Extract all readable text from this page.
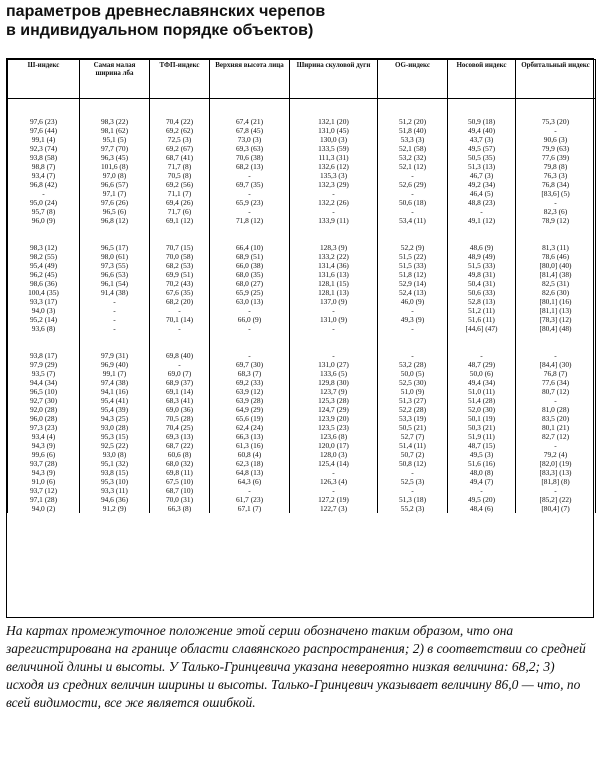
параметров древнеславянских черепов
в индивидуальном порядке объектов)
Ш-индекс	Самая малая ширина лба	ТФП-индекс	Верхняя высота лица	Ширина скуловой дуги	ОG-индекс	Носовой индекс	Орбитальный индекс

97,6 (23)	98,3 (22)	70,4 (22)	67,4 (21)	132,1 (20)	51,2 (20)	50,9 (18)	75,3 (20)
97,6 (44)	98,1 (62)	69,2 (62)	67,8 (45)	131,0 (45)	51,8 (40)	49,4 (40)	-
99,1 (4)	95,1 (5)	72,5 (3)	73,0 (3)	130,0 (3)	53,3 (3)	43,7 (3)	90,6 (3)
92,3 (74)	97,7 (70)	69,2 (67)	69,3 (63)	133,5 (59)	52,1 (58)	49,5 (57)	79,9 (63)
93,8 (58)	96,3 (45)	68,7 (41)	70,6 (38)	111,3 (31)	53,2 (32)	50,5 (35)	77,6 (39)
98,8 (7)	101,6 (8)	71,7 (8)	68,2 (13)	132,6 (12)	52,1 (12)	51,3 (13)	79,8 (8)
93,4 (7)	97,0 (8)	70,5 (8)	-	135,3 (3)	-	46,7 (3)	76,3 (3)
96,8 (42)	96,6 (57)	69,2 (56)	69,7 (35)	132,3 (29)	52,6 (29)	49,2 (34)	76,8 (34)
-	97,1 (7)	71,1 (7)	-	-	-	46,4 (5)	[83,6] (5)
95,0 (24)	97,6 (26)	69,4 (26)	65,9 (23)	132,2 (26)	50,6 (18)	48,8 (23)	-
95,7 (8)	96,5 (6)	71,7 (6)	-	-	-	-	82,3 (6)
96,0 (9)	96,8 (12)	69,1 (12)	71,8 (12)	133,9 (11)	53,4 (11)	49,1 (12)	78,9 (12)

98,3 (12)	96,5 (17)	70,7 (15)	66,4 (10)	128,3 (9)	52,2 (9)	48,6 (9)	81,3 (11)
98,2 (55)	98,0 (61)	70,0 (58)	68,9 (51)	133,2 (22)	51,5 (22)	48,9 (49)	78,6 (46)
95,4 (49)	97,3 (55)	68,2 (53)	66,0 (38)	131,4 (36)	51,5 (33)	51,5 (33)	[80,0] (40)
96,2 (45)	96,6 (53)	69,9 (51)	68,0 (35)	131,6 (13)	51,8 (12)	49,8 (31)	[81,4] (38)
98,6 (36)	96,1 (54)	70,2 (43)	68,0 (27)	128,1 (15)	52,9 (14)	50,4 (31)	82,5 (31)
100,4 (35)	91,4 (38)	67,6 (35)	65,9 (25)	128,1 (13)	52,4 (13)	50,6 (33)	82,6 (30)
93,3 (17)	-	68,2 (20)	63,0 (13)	137,0 (9)	46,0 (9)	52,8 (13)	[80,1] (16)
94,0 (3)	-	-	-	-	-	51,2 (11)	[81,1] (13)
95,2 (14)	-	70,1 (14)	66,0 (9)	131,0 (9)	49,3 (9)	51,6 (11)	[78,3] (12)
93,6 (8)	-	-	-	-	-	[44,6] (47)	[80,4] (48)

93,8 (17)	97,9 (31)	69,8 (40)	-	-	-	-	-
97,9 (29)	96,9 (40)	-	69,7 (30)	131,0 (27)	53,2 (28)	48,7 (29)	[84,4] (30)
93,5 (7)	99,1 (7)	69,0 (7)	68,3 (7)	133,6 (5)	50,0 (5)	50,0 (6)	76,8 (7)
94,4 (34)	97,4 (38)	68,9 (37)	69,2 (33)	129,8 (30)	52,5 (30)	49,4 (34)	77,6 (34)
96,5 (10)	94,1 (16)	69,1 (14)	63,9 (12)	123,7 (9)	51,0 (9)	51,0 (11)	80,7 (12)
92,7 (30)	95,4 (41)	68,3 (41)	63,9 (28)	125,3 (28)	51,3 (27)	51,4 (28)	-
92,0 (28)	95,4 (39)	69,0 (36)	64,9 (29)	124,7 (29)	52,2 (28)	52,0 (30)	81,0 (28)
96,0 (28)	94,3 (25)	70,5 (28)	65,6 (19)	123,9 (20)	53,3 (19)	50,1 (19)	83,5 (20)
97,3 (23)	93,0 (28)	70,4 (25)	62,4 (24)	123,5 (23)	50,5 (21)	50,3 (21)	80,1 (21)
93,4 (4)	95,3 (15)	69,3 (13)	66,3 (13)	123,6 (8)	52,7 (7)	51,9 (11)	82,7 (12)
94,3 (9)	92,5 (22)	68,7 (22)	61,3 (16)	120,0 (17)	51,4 (11)	48,7 (15)	-
99,6 (6)	93,0 (8)	60,6 (8)	60,8 (4)	128,0 (3)	50,7 (2)	49,5 (3)	79,2 (4)
93,7 (28)	95,1 (32)	68,0 (32)	62,3 (18)	125,4 (14)	50,8 (12)	51,6 (16)	[82,0] (19)
94,3 (9)	93,8 (15)	69,8 (11)	64,8 (13)	-	-	48,0 (8)	[83,3] (13)
91,0 (6)	95,3 (10)	67,5 (10)	64,3 (6)	126,3 (4)	52,5 (3)	49,4 (7)	[81,8] (8)
93,7 (12)	93,3 (11)	68,7 (10)	-	-	-	-	-
97,1 (28)	94,6 (36)	70,0 (31)	61,7 (23)	127,2 (19)	51,3 (18)	49,5 (20)	[85,2] (22)
94,0 (2)	91,2 (9)	66,3 (8)	67,1 (7)	122,7 (3)	55,2 (3)	48,4 (6)	[80,4] (7)
На картах промежуточное положение этой серии обозначено таким образом, что она зарегистрирована на границе области славянского распространения; 2) в соответствии со средней величиной длины и высоты. У Талько-Гринцевича указана невероятно низкая величина: 68,2; 3) исходя из средних величин ширины и высоты. Талько-Гринцевич указывает величину 86,0 — что, по всей видимости, все же является ошибкой.
